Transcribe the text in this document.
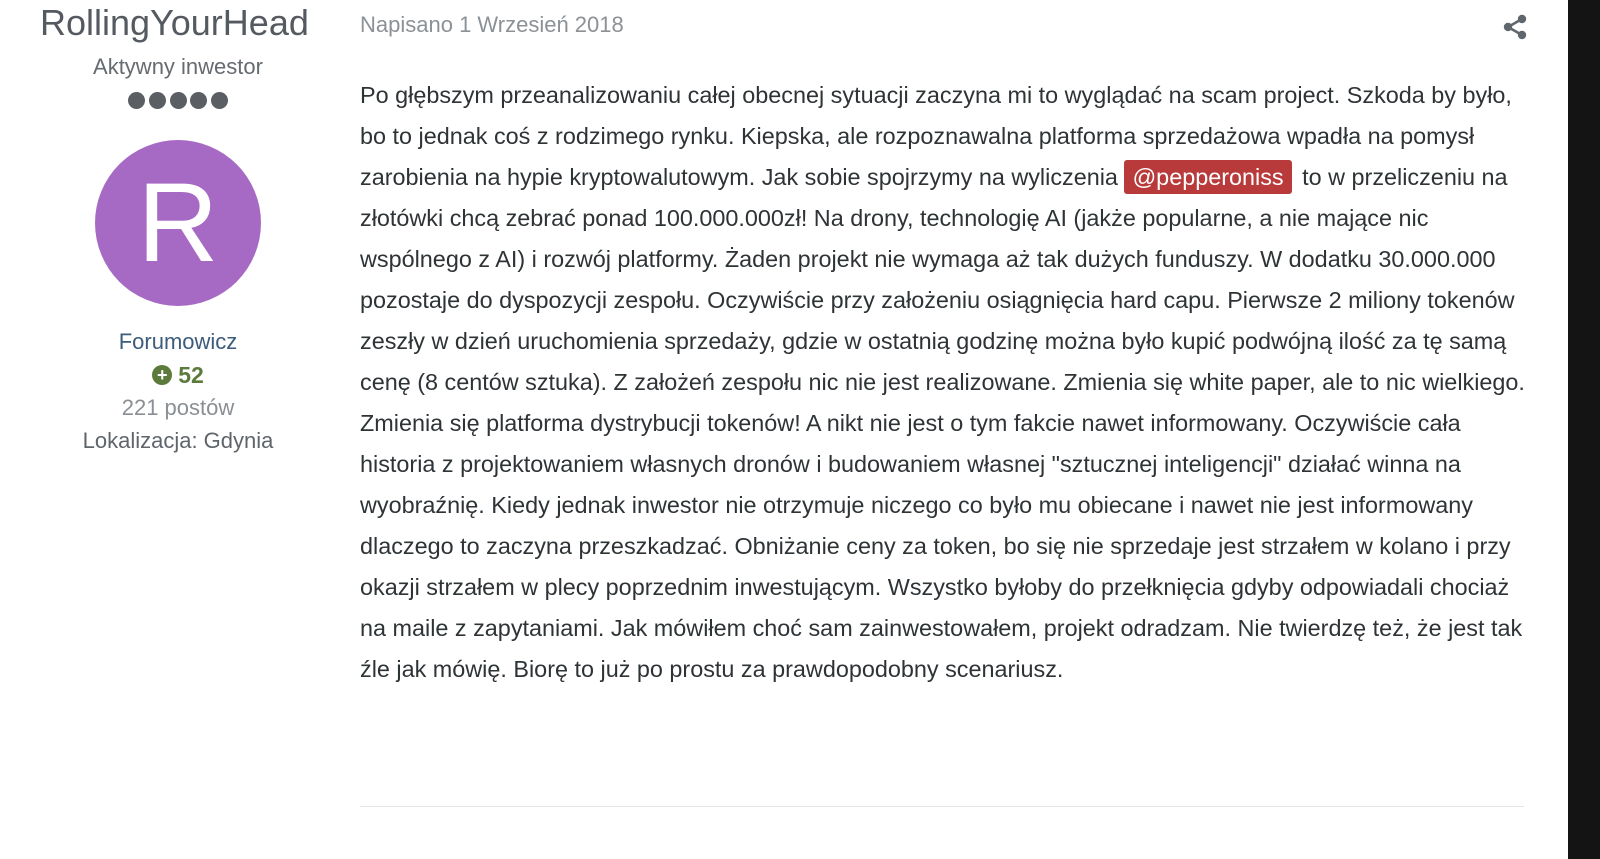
RollingYourHead
Aktywny inwestor
R
Forumowicz
+ 52
221 postów
Lokalizacja: Gdynia
Napisano 1 Wrzesień 2018
Po głębszym przeanalizowaniu całej obecnej sytuacji zaczyna mi to wyglądać na scam project. Szkoda by było, bo to jednak coś z rodzimego rynku. Kiepska, ale rozpoznawalna platforma sprzedażowa wpadła na pomysł zarobienia na hypie kryptowalutowym. Jak sobie spojrzymy na wyliczenia @pepperoniss to w przeliczeniu na złotówki chcą zebrać ponad 100.000.000zł! Na drony, technologię AI (jakże popularne, a nie mające nic wspólnego z AI) i rozwój platformy. Żaden projekt nie wymaga aż tak dużych funduszy. W dodatku 30.000.000 pozostaje do dyspozycji zespołu. Oczywiście przy założeniu osiągnięcia hard capu. Pierwsze 2 miliony tokenów zeszły w dzień uruchomienia sprzedaży, gdzie w ostatnią godzinę można było kupić podwójną ilość za tę samą cenę (8 centów sztuka). Z założeń zespołu nic nie jest realizowane. Zmienia się white paper, ale to nic wielkiego. Zmienia się platforma dystrybucji tokenów! A nikt nie jest o tym fakcie nawet informowany. Oczywiście cała historia z projektowaniem własnych dronów i budowaniem własnej "sztucznej inteligencji" działać winna na wyobraźnię. Kiedy jednak inwestor nie otrzymuje niczego co było mu obiecane i nawet nie jest informowany dlaczego to zaczyna przeszkadzać. Obniżanie ceny za token, bo się nie sprzedaje jest strzałem w kolano i przy okazji strzałem w plecy poprzednim inwestującym. Wszystko byłoby do przełknięcia gdyby odpowiadali chociaż na maile z zapytaniami. Jak mówiłem choć sam zainwestowałem, projekt odradzam. Nie twierdzę też, że jest tak źle jak mówię. Biorę to już po prostu za prawdopodobny scenariusz.
